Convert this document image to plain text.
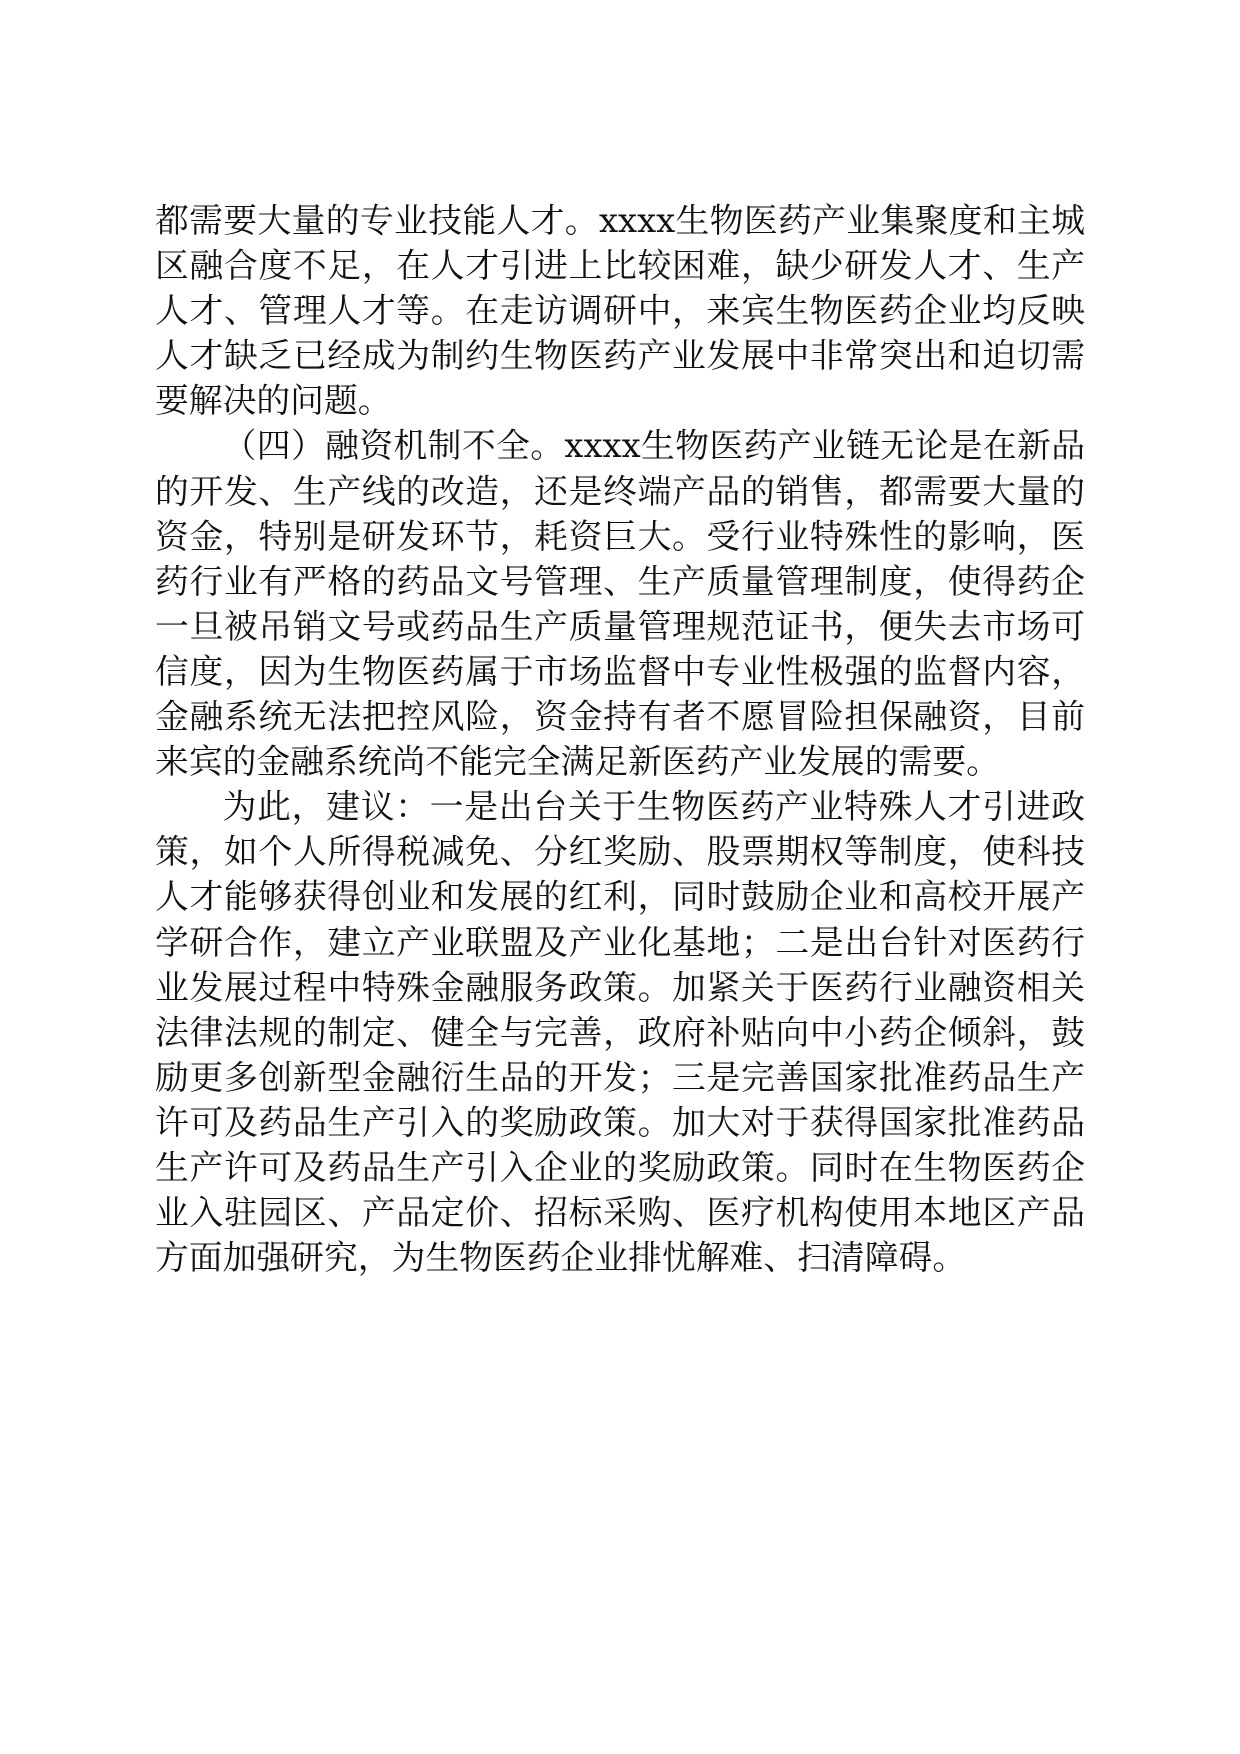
都需要大量的专业技能人才。xxxx生物医药产业集聚度和主城区融合度不足，在人才引进上比较困难，缺少研发人才、生产人才、管理人才等。在走访调研中，来宾生物医药企业均反映人才缺乏已经成为制约生物医药产业发展中非常突出和迫切需要解决的问题。

（四）融资机制不全。xxxx生物医药产业链无论是在新品的开发、生产线的改造，还是终端产品的销售，都需要大量的资金，特别是研发环节，耗资巨大。受行业特殊性的影响，医药行业有严格的药品文号管理、生产质量管理制度，使得药企一旦被吊销文号或药品生产质量管理规范证书，便失去市场可信度，因为生物医药属于市场监督中专业性极强的监督内容，金融系统无法把控风险，资金持有者不愿冒险担保融资，目前来宾的金融系统尚不能完全满足新医药产业发展的需要。

为此，建议：一是出台关于生物医药产业特殊人才引进政策，如个人所得税减免、分红奖励、股票期权等制度，使科技人才能够获得创业和发展的红利，同时鼓励企业和高校开展产学研合作，建立产业联盟及产业化基地；二是出台针对医药行业发展过程中特殊金融服务政策。加紧关于医药行业融资相关法律法规的制定、健全与完善，政府补贴向中小药企倾斜，鼓励更多创新型金融衍生品的开发；三是完善国家批准药品生产许可及药品生产引入的奖励政策。加大对于获得国家批准药品生产许可及药品生产引入企业的奖励政策。同时在生物医药企业入驻园区、产品定价、招标采购、医疗机构使用本地区产品方面加强研究，为生物医药企业排忧解难、扫清障碍。
